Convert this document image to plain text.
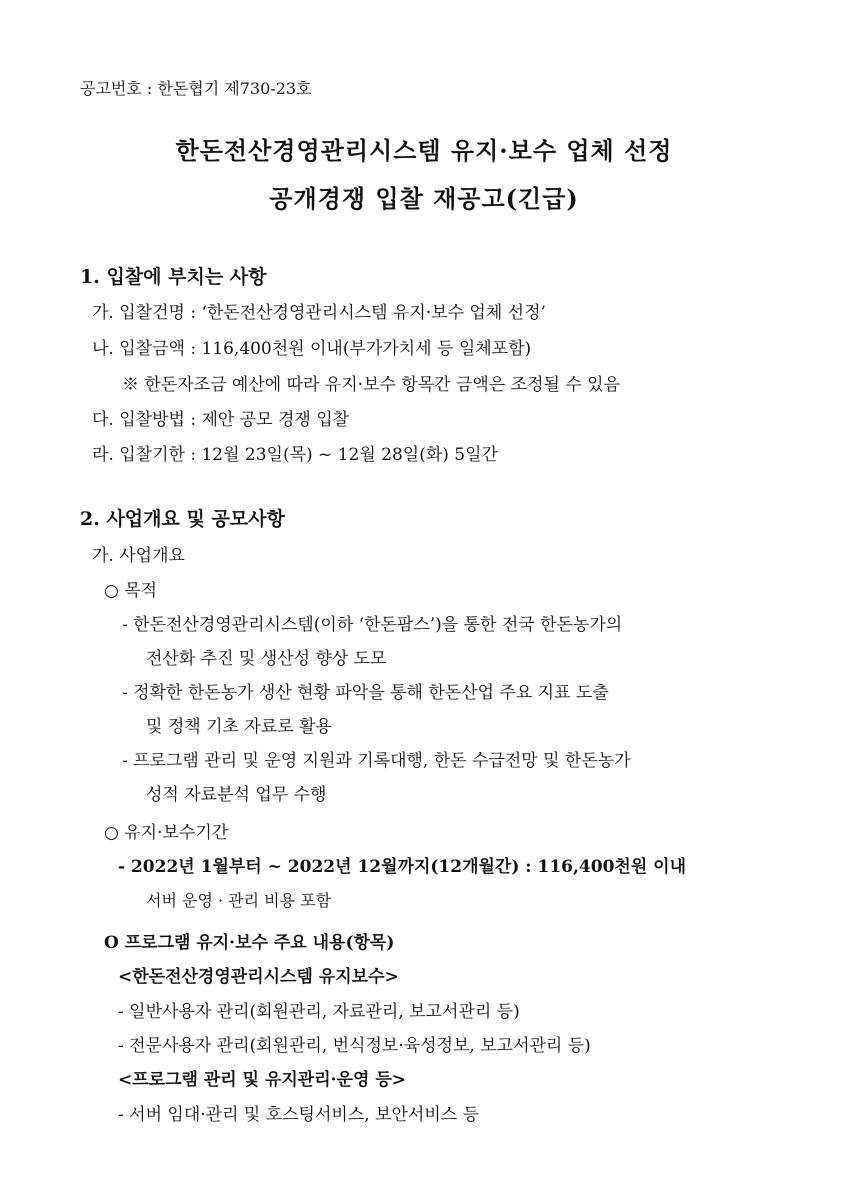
공고번호 : 한돈협기 제730-23호
한돈전산경영관리시스템 유지·보수 업체 선정
공개경쟁 입찰 재공고(긴급)
1. 입찰에 부치는 사항
가. 입찰건명 : ‘한돈전산경영관리시스템 유지·보수 업체 선정’
나. 입찰금액 : 116,400천원 이내(부가가치세 등 일체포함)
※ 한돈자조금 예산에 따라 유지·보수 항목간 금액은 조정될 수 있음
다. 입찰방법 : 제안 공모 경쟁 입찰
라. 입찰기한 : 12월 23일(목) ~ 12월 28일(화) 5일간
2. 사업개요 및 공모사항
가. 사업개요
○ 목적
- 한돈전산경영관리시스템(이하 ‘한돈팜스’)을 통한 전국 한돈농가의
전산화 추진 및 생산성 향상 도모
- 정확한 한돈농가 생산 현황 파악을 통해 한돈산업 주요 지표 도출
및 정책 기초 자료로 활용
- 프로그램 관리 및 운영 지원과 기록대행, 한돈 수급전망 및 한돈농가
성적 자료분석 업무 수행
○ 유지·보수기간
- 2022년 1월부터 ~ 2022년 12월까지(12개월간) : 116,400천원 이내
서버 운영 · 관리 비용 포함
O 프로그램 유지·보수 주요 내용(항목)
<한돈전산경영관리시스템 유지보수>
- 일반사용자 관리(회원관리, 자료관리, 보고서관리 등)
- 전문사용자 관리(회원관리, 번식정보·육성정보, 보고서관리 등)
<프로그램 관리 및 유지관리·운영 등>
- 서버 임대·관리 및 호스팅서비스, 보안서비스 등
